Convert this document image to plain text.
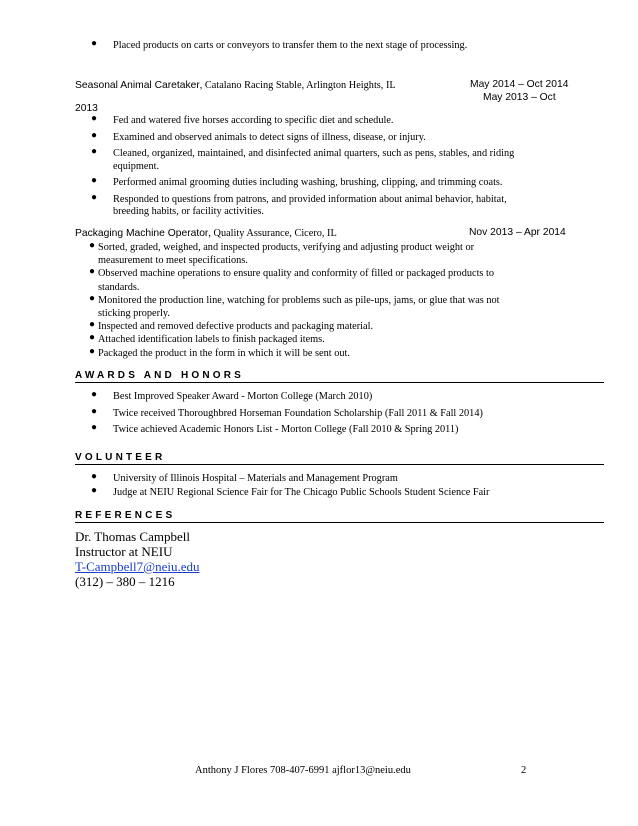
● Placed products on carts or conveyors to transfer them to the next stage of processing.
Seasonal Animal Caretaker, Catalano Racing Stable, Arlington Heights, IL	May 2014 – Oct 2014
May 2013 – Oct
2013
● Fed and watered five horses according to specific diet and schedule.
● Examined and observed animals to detect signs of illness, disease, or injury.
● Cleaned, organized, maintained, and disinfected animal quarters, such as pens, stables, and riding
equipment.
● Performed animal grooming duties including washing, brushing, clipping, and trimming coats.
● Responded to questions from patrons, and provided information about animal behavior, habitat,
breeding habits, or facility activities.
Packaging Machine Operator, Quality Assurance, Cicero, IL	Nov 2013 – Apr 2014
● Sorted, graded, weighed, and inspected products, verifying and adjusting product weight or
measurement to meet specifications.
● Observed machine operations to ensure quality and conformity of filled or packaged products to
standards.
● Monitored the production line, watching for problems such as pile-ups, jams, or glue that was not
sticking properly.
● Inspected and removed defective products and packaging material.
● Attached identification labels to finish packaged items.
● Packaged the product in the form in which it will be sent out.
AWARDS AND HONORS
● Best Improved Speaker Award - Morton College (March 2010)
● Twice received Thoroughbred Horseman Foundation Scholarship (Fall 2011 & Fall 2014)
● Twice achieved Academic Honors List - Morton College (Fall 2010 & Spring 2011)
VOLUNTEER
● University of Illinois Hospital – Materials and Management Program
● Judge at NEIU Regional Science Fair for The Chicago Public Schools Student Science Fair
REFERENCES
Dr. Thomas Campbell
Instructor at NEIU
T-Campbell7@neiu.edu
(312) – 380 – 1216
Anthony J Flores 708-407-6991 ajflor13@neiu.edu	2
